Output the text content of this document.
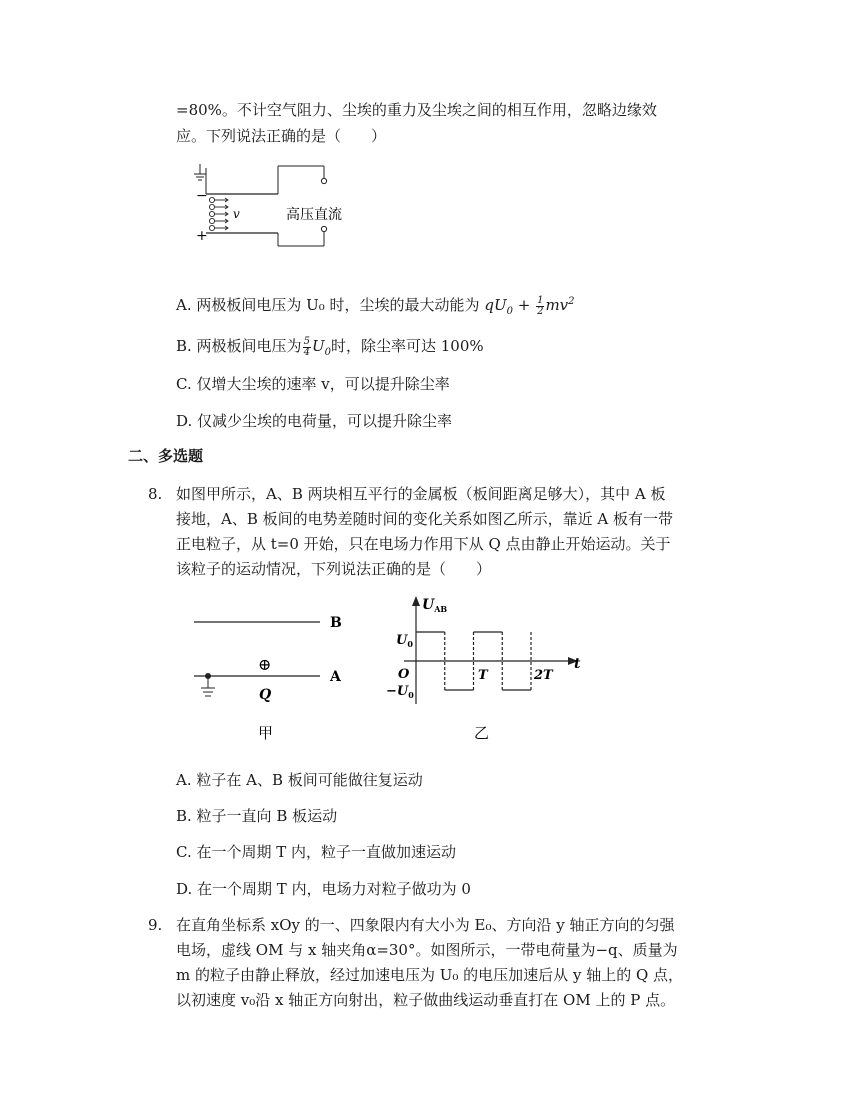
=80%。不计空气阻力、尘埃的重力及尘埃之间的相互作用，忽略边缘效
应。下列说法正确的是（　　）
−
+
v	高压直流
A. 两极板间电压为 U₀ 时，尘埃的最大动能为 $qU_0 + \frac{1}{2} mv^2$
B. 两极板间电压为 $\frac{5}{4} U_0$时，除尘率可达 100%
C. 仅增大尘埃的速率 v，可以提升除尘率
D. 仅减少尘埃的电荷量，可以提升除尘率
二、多选题
8. 如图甲所示，A、B 两块相互平行的金属板（板间距离足够大），其中 A 板
接地，A、B 板间的电势差随时间的变化关系如图乙所示，靠近 A 板有一带
正电粒子，从 t=0 开始，只在电场力作用下从 Q 点由静止开始运动。关于
该粒子的运动情况，下列说法正确的是（　　）
B
A
⊕
Q
甲
$U_{AB}$
t
$U_0$
$-U_0$
O	T	2T
乙
A. 粒子在 A、B 板间可能做往复运动
B. 粒子一直向 B 板运动
C. 在一个周期 T 内，粒子一直做加速运动
D. 在一个周期 T 内，电场力对粒子做功为 0
9. 在直角坐标系 xOy 的一、四象限内有大小为 E₀、方向沿 y 轴正方向的匀强
电场，虚线 OM 与 x 轴夹角α=30°。如图所示，一带电荷量为−q、质量为
m 的粒子由静止释放，经过加速电压为 U₀ 的电压加速后从 y 轴上的 Q 点，
以初速度 v₀沿 x 轴正方向射出，粒子做曲线运动垂直打在 OM 上的 P 点。
